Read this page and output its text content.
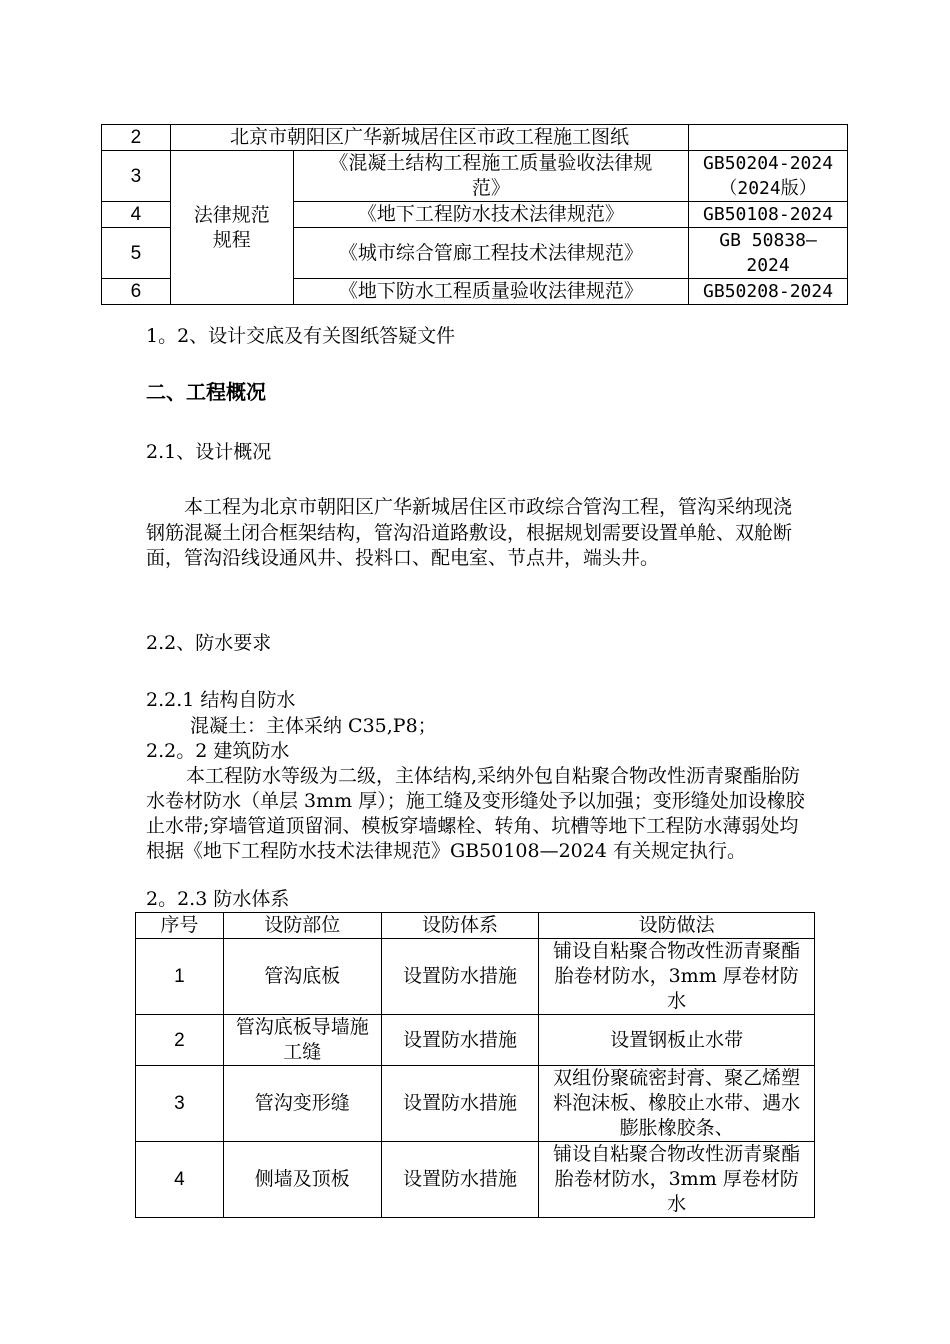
2	北京市朝阳区广华新城居住区市政工程施工图纸		
3	法律规范规程	《混凝土结构工程施工质量验收法律规范》	GB50204-2024（2024版）
4		《地下工程防水技术法律规范》	GB50108-2024
5		《城市综合管廊工程技术法律规范》	GB 50838—2024
6		《地下防水工程质量验收法律规范》	GB50208-2024
1。2、设计交底及有关图纸答疑文件
二、工程概况
2.1、设计概况
本工程为北京市朝阳区广华新城居住区市政综合管沟工程，管沟采纳现浇钢筋混凝土闭合框架结构，管沟沿道路敷设，根据规划需要设置单舱、双舱断面，管沟沿线设通风井、投料口、配电室、节点井，端头井。
2.2、防水要求
2.2.1 结构自防水
混凝土：主体采纳 C35,P8；
2.2。2 建筑防水
本工程防水等级为二级，主体结构,采纳外包自粘聚合物改性沥青聚酯胎防水卷材防水（单层 3mm 厚）；施工缝及变形缝处予以加强；变形缝处加设橡胶止水带;穿墙管道顶留洞、模板穿墙螺栓、转角、坑槽等地下工程防水薄弱处均根据《地下工程防水技术法律规范》GB50108—2024 有关规定执行。
2。2.3 防水体系
序号	设防部位	设防体系	设防做法
1	管沟底板	设置防水措施	铺设自粘聚合物改性沥青聚酯胎卷材防水，3mm 厚卷材防水
2	管沟底板导墙施工缝	设置防水措施	设置钢板止水带
3	管沟变形缝	设置防水措施	双组份聚硫密封膏、聚乙烯塑料泡沫板、橡胶止水带、遇水膨胀橡胶条、
4	侧墙及顶板	设置防水措施	铺设自粘聚合物改性沥青聚酯胎卷材防水，3mm 厚卷材防水
